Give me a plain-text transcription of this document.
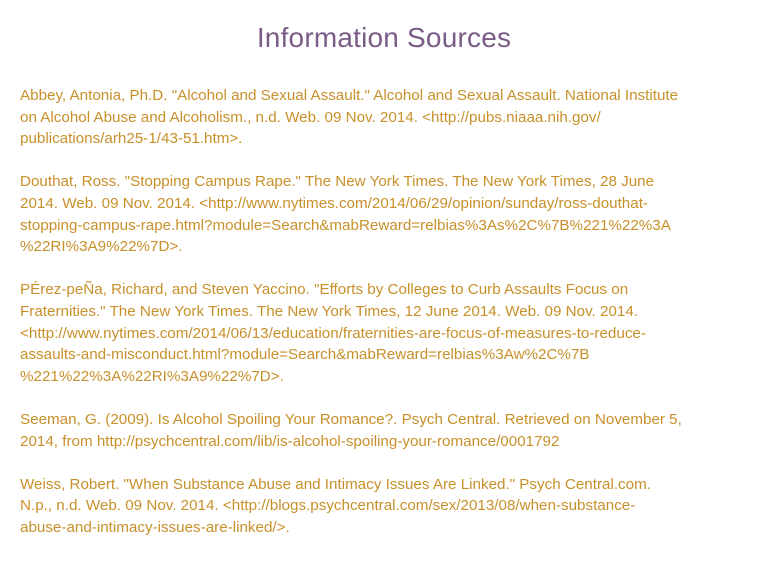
Information Sources
Abbey, Antonia, Ph.D. "Alcohol and Sexual Assault." Alcohol and Sexual Assault. National Institute
on Alcohol Abuse and Alcoholism., n.d. Web. 09 Nov. 2014. <http://pubs.niaaa.nih.gov/
publications/arh25-1/43-51.htm>.
Douthat, Ross. "Stopping Campus Rape." The New York Times. The New York Times, 28 June
2014. Web. 09 Nov. 2014. <http://www.nytimes.com/2014/06/29/opinion/sunday/ross-douthat-
stopping-campus-rape.html?module=Search&mabReward=relbias%3As%2C%7B%221%22%3A
%22RI%3A9%22%7D>.
PÉrez-peÑa, Richard, and Steven Yaccino. "Efforts by Colleges to Curb Assaults Focus on
Fraternities." The New York Times. The New York Times, 12 June 2014. Web. 09 Nov. 2014.
<http://www.nytimes.com/2014/06/13/education/fraternities-are-focus-of-measures-to-reduce-
assaults-and-misconduct.html?module=Search&mabReward=relbias%3Aw%2C%7B
%221%22%3A%22RI%3A9%22%7D>.
Seeman, G. (2009). Is Alcohol Spoiling Your Romance?. Psych Central. Retrieved on November 5,
2014, from http://psychcentral.com/lib/is-alcohol-spoiling-your-romance/0001792
Weiss, Robert. "When Substance Abuse and Intimacy Issues Are Linked." Psych Central.com.
N.p., n.d. Web. 09 Nov. 2014. <http://blogs.psychcentral.com/sex/2013/08/when-substance-
abuse-and-intimacy-issues-are-linked/>.
